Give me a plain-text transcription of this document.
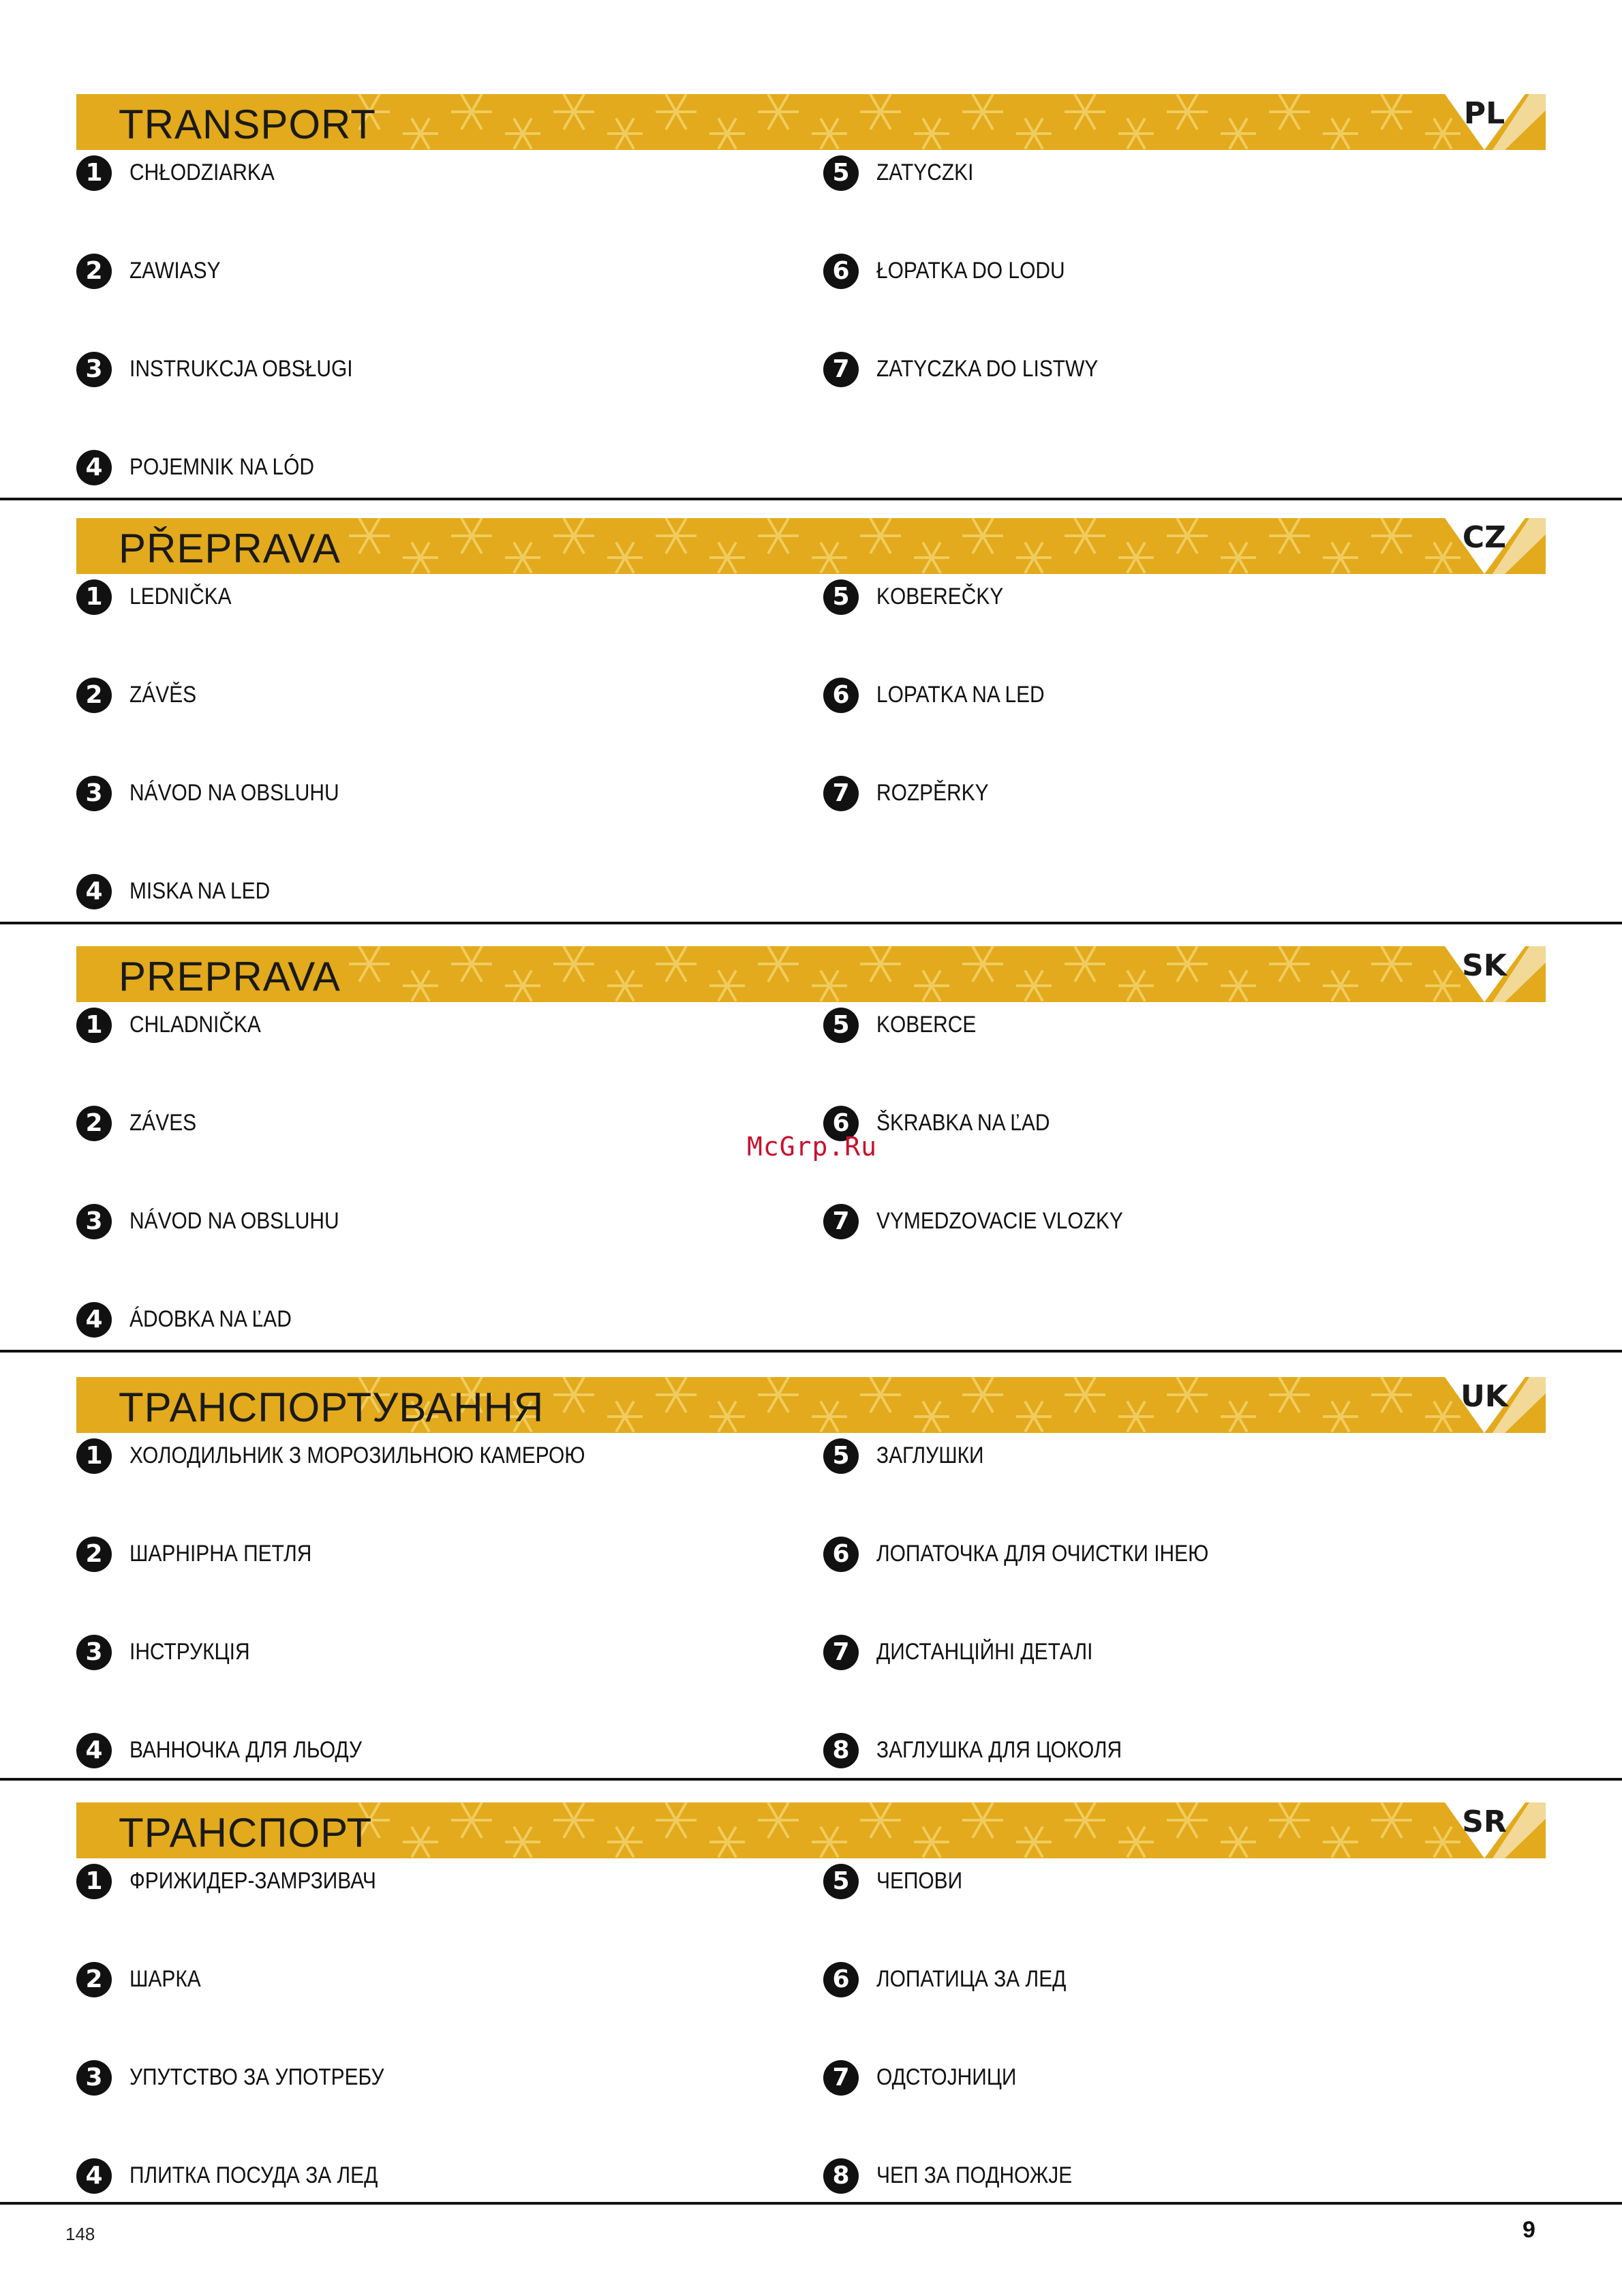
TRANSPORT	PL
1	CHŁODZIARKA
2	ZAWIASY
3	INSTRUKCJA OBSŁUGI
4	POJEMNIK NA LÓD
5	ZATYCZKI
6	ŁOPATKA DO LODU
7	ZATYCZKA DO LISTWY
PŘEPRAVA	CZ
1	LEDNIČKA
2	ZÁVĚS
3	NÁVOD NA OBSLUHU
4	MISKA NA LED
5	KOBEREČKY
6	LOPATKA NA LED
7	ROZPĚRKY
PREPRAVA	SK
1	CHLADNIČKA
2	ZÁVES
3	NÁVOD NA OBSLUHU
4	ÁDOBKA NA ĽAD
5	KOBERCE
6	ŠKRABKA NA ĽAD
7	VYMEDZOVACIE VLOZKY
ТРАНСПОРТУВАННЯ	UK
1	ХОЛОДИЛЬНИК З МОРОЗИЛЬНОЮ КАМЕРОЮ
2	ШАРНІРНА ПЕТЛЯ
3	ІНСТРУКЦІЯ
4	ВАННОЧКА ДЛЯ ЛЬОДУ
5	ЗАГЛУШКИ
6	ЛОПАТОЧКА ДЛЯ ОЧИСТКИ ІНЕЮ
7	ДИСТАНЦІЙНІ ДЕТАЛІ
8	ЗАГЛУШКА ДЛЯ ЦОКОЛЯ
ТРАНСПОРТ	SR
1	ФРИЖИДЕР-ЗАМРЗИВАЧ
2	ШАРКА
3	УПУТСТВО ЗА УПОТРЕБУ
4	ПЛИТКА ПОСУДА ЗА ЛЕД
5	ЧЕПОВИ
6	ЛОПАТИЦА ЗА ЛЕД
7	ОДСТОЈНИЦИ
8	ЧЕП ЗА ПОДНОЖЈЕ
McGrp.Ru
148	9
